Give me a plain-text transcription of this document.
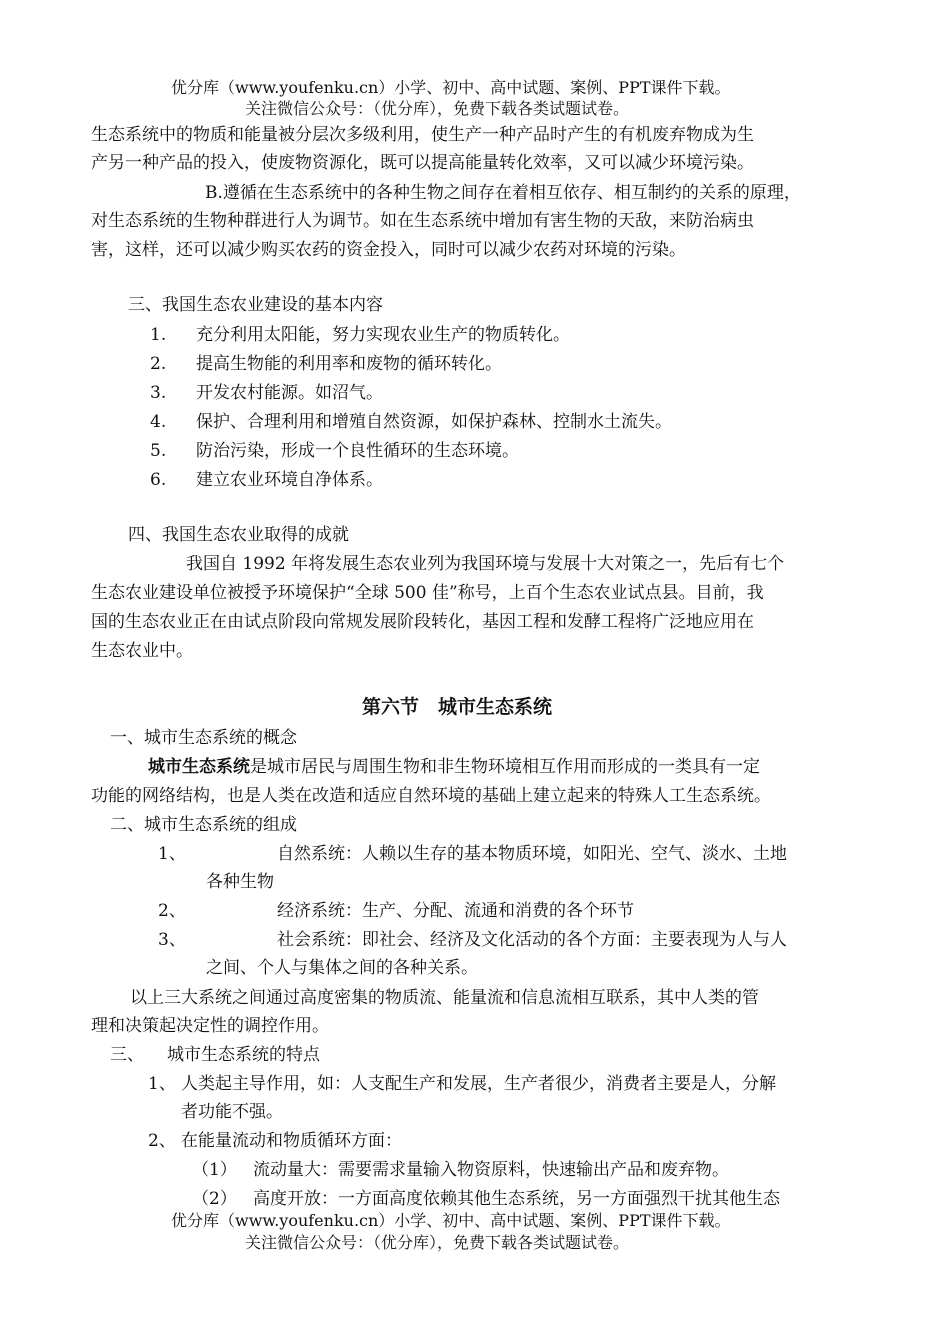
优分库（www.youfenku.cn）小学、初中、高中试题、案例、PPT课件下载。
关注微信公众号：（优分库），免费下载各类试题试卷。
生态系统中的物质和能量被分层次多级利用，使生产一种产品时产生的有机废弃物成为生
产另一种产品的投入，使废物资源化，既可以提高能量转化效率，又可以减少环境污染。
B.遵循在生态系统中的各种生物之间存在着相互依存、相互制约的关系的原理，
对生态系统的生物种群进行人为调节。如在生态系统中增加有害生物的天敌，来防治病虫
害，这样，还可以减少购买农药的资金投入，同时可以减少农药对环境的污染。
三、我国生态农业建设的基本内容
1. 充分利用太阳能，努力实现农业生产的物质转化。
2. 提高生物能的利用率和废物的循环转化。
3. 开发农村能源。如沼气。
4. 保护、合理利用和增殖自然资源，如保护森林、控制水土流失。
5. 防治污染，形成一个良性循环的生态环境。
6. 建立农业环境自净体系。
四、我国生态农业取得的成就
我国自 1992 年将发展生态农业列为我国环境与发展十大对策之一，先后有七个
生态农业建设单位被授予环境保护“全球 500 佳”称号，上百个生态农业试点县。目前，我
国的生态农业正在由试点阶段向常规发展阶段转化，基因工程和发酵工程将广泛地应用在
生态农业中。
第六节　城市生态系统
一、城市生态系统的概念
城市生态系统是城市居民与周围生物和非生物环境相互作用而形成的一类具有一定
功能的网络结构，也是人类在改造和适应自然环境的基础上建立起来的特殊人工生态系统。
二、城市生态系统的组成
1、	自然系统：人赖以生存的基本物质环境，如阳光、空气、淡水、土地
各种生物
2、	经济系统：生产、分配、流通和消费的各个环节
3、	社会系统：即社会、经济及文化活动的各个方面：主要表现为人与人
之间、个人与集体之间的各种关系。
以上三大系统之间通过高度密集的物质流、能量流和信息流相互联系，其中人类的管
理和决策起决定性的调控作用。
三、 城市生态系统的特点
1、 人类起主导作用，如：人支配生产和发展，生产者很少，消费者主要是人，分解
者功能不强。
2、 在能量流动和物质循环方面：
（1） 流动量大：需要需求量输入物资原料，快速输出产品和废弃物。
（2） 高度开放：一方面高度依赖其他生态系统，另一方面强烈干扰其他生态
优分库（www.youfenku.cn）小学、初中、高中试题、案例、PPT课件下载。
关注微信公众号：（优分库），免费下载各类试题试卷。
